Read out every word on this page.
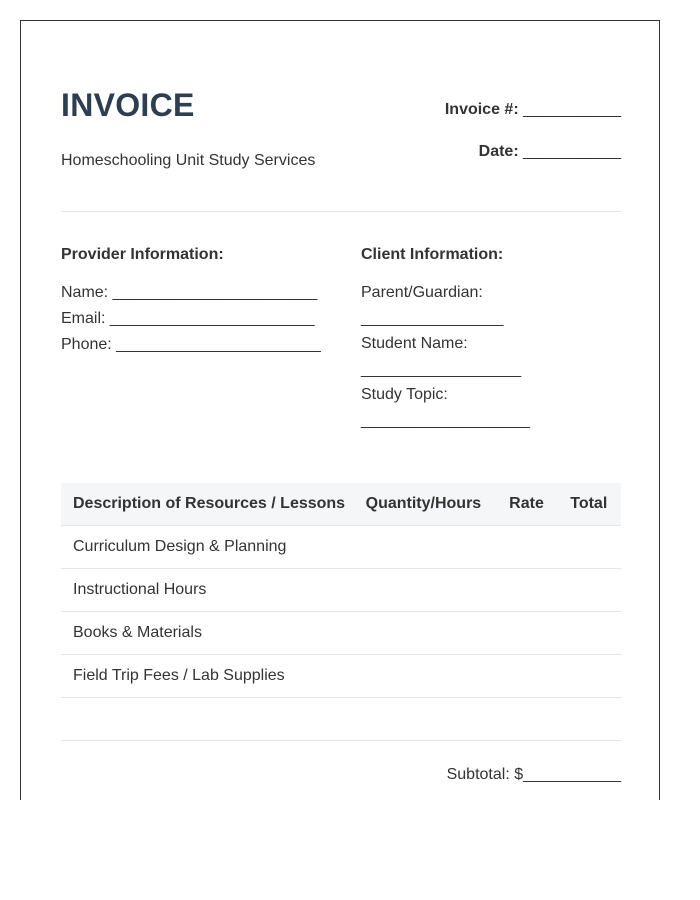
INVOICE
Homeschooling Unit Study Services
Invoice #: ___________
Date: ___________
Provider Information:
Name: _______________________
Email: _______________________
Phone: _______________________
Client Information:
Parent/Guardian:
________________
Student Name:
__________________
Study Topic:
___________________
Description of Resources / Lessons	Quantity/Hours	Rate	Total
Curriculum Design & Planning			
Instructional Hours			
Books & Materials			
Field Trip Fees / Lab Supplies			

Subtotal: $___________
